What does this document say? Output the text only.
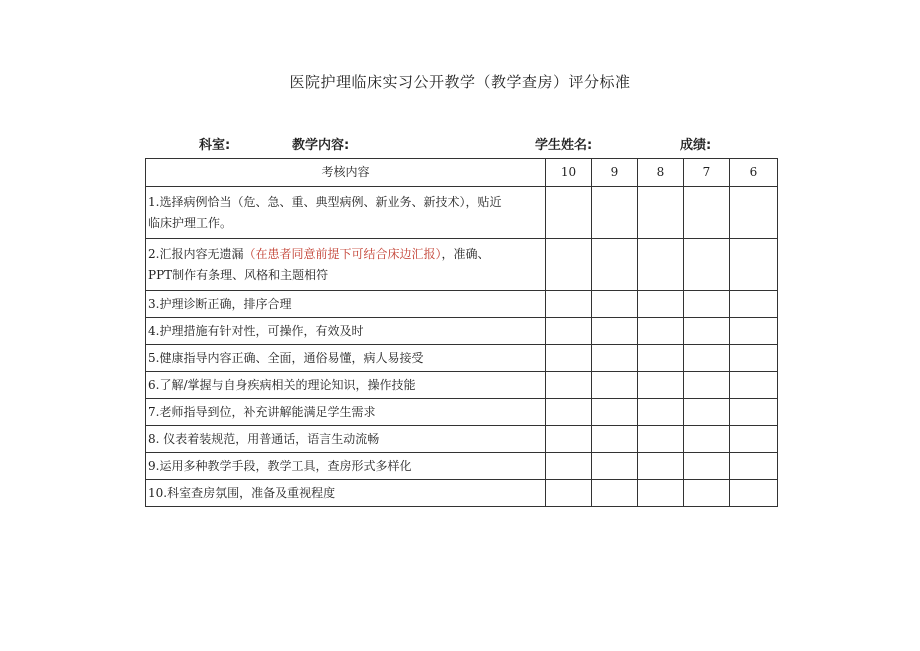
医院护理临床实习公开教学（教学查房）评分标准
科室:	教学内容:	学生姓名:	成绩:
考核内容	10	9	8	7	6

1.选择病例恰当（危、急、重、典型病例、新业务、新技术），贴近
临床护理工作。					

2.汇报内容无遗漏（在患者同意前提下可结合床边汇报），准确、
PPT制作有条理、风格和主题相符					

3.护理诊断正确，排序合理					
4.护理措施有针对性，可操作，有效及时					
5.健康指导内容正确、全面，通俗易懂，病人易接受					
6.了解/掌握与自身疾病相关的理论知识，操作技能					
7.老师指导到位，补充讲解能满足学生需求					
8. 仪表着装规范，用普通话，语言生动流畅					
9.运用多种教学手段，教学工具，查房形式多样化					
10.科室查房氛围，准备及重视程度					
